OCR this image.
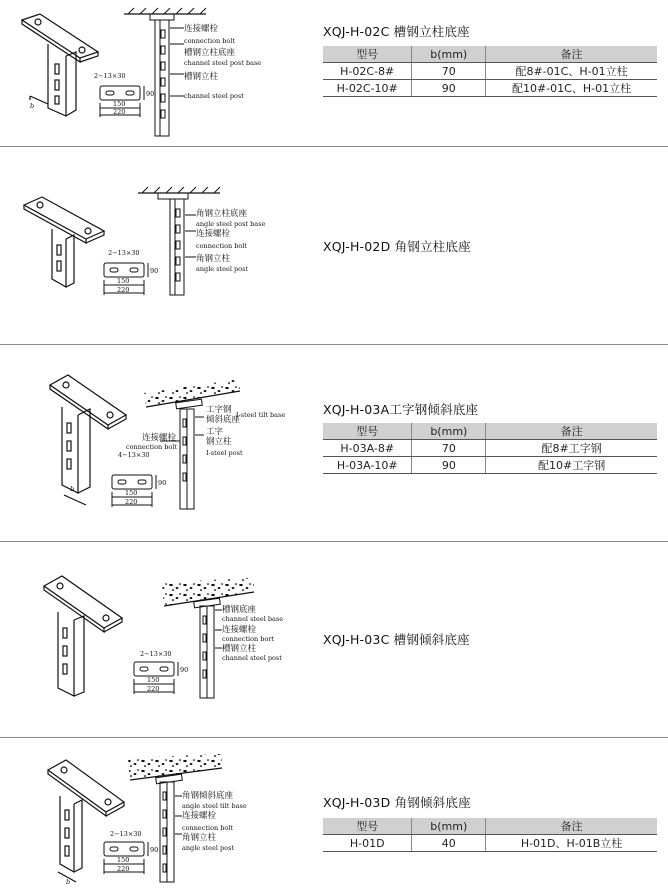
b
2−13×30
150
220
90
连接螺栓
connection bolt
槽钢立柱底座
channel steel post base
槽钢立柱
channel steel post
XQJ-H-02C 槽钢立柱底座
型号	b(mm)	备注
H-02C-8#	70	配8#-01C、H-01立柱
H-02C-10#	90	配10#-01C、H-01立柱
2−13×30
150
220
90
角钢立柱底座
angle steel post base
连接螺栓
connection bolt
角钢立柱
angle steel post
XQJ-H-02D 角钢立柱底座
b
4−13×30
150
220
90
工字钢
倾斜底座
I-steel tilt base
连接螺栓
connection bolt
工字
钢立柱
I-steel post
XQJ-H-03A工字钢倾斜底座
型号	b(mm)	备注
H-03A-8#	70	配8#工字钢
H-03A-10#	90	配10#工字钢
2−13×30
150
220
90
槽钢底座
channel steel base
连接螺栓
connection bort
槽钢立柱
channel steel post
XQJ-H-03C 槽钢倾斜底座
b
2−13×30
150
220
90
角钢倾斜底座
angle steel tilt base
连接螺栓
connection bolt
角钢立柱
angle steel post
XQJ-H-03D 角钢倾斜底座
型号	b(mm)	备注
H-01D	40	H-01D、H-01B立柱
